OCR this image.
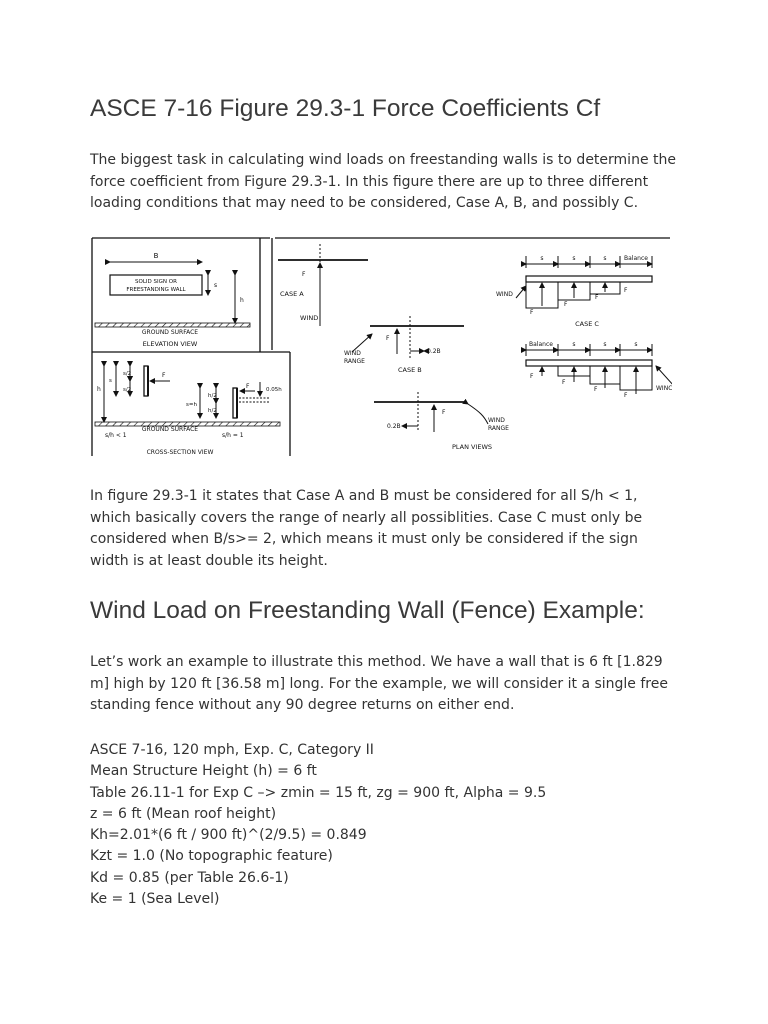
ASCE 7-16 Figure 29.3-1 Force Coefficients Cf

The biggest task in calculating wind loads on freestanding walls is to determine the force coefficient from Figure 29.3-1. In this figure there are up to three different loading conditions that may need to be considered, Case A, B, and possibly C.

In figure 29.3-1 it states that Case A and B must be considered for all S/h < 1, which basically covers the range of nearly all possiblities. Case C must only be considered when B/s>= 2, which means it must only be considered if the sign width is at least double its height.

Wind Load on Freestanding Wall (Fence) Example:

Let’s work an example to illustrate this method. We have a wall that is 6 ft [1.829 m] high by 120 ft [36.58 m] long. For the example, we will consider it a single free standing fence without any 90 degree returns on either end.

ASCE 7-16, 120 mph, Exp. C, Category II
Mean Structure Height (h) = 6 ft
Table 26.11-1 for Exp C –> zmin = 15 ft, zg = 900 ft, Alpha = 9.5
z = 6 ft (Mean roof height)
Kh=2.01*(6 ft / 900 ft)^(2/9.5) = 0.849
Kzt = 1.0 (No topographic feature)
Kd = 0.85 (per Table 26.6-1)
Ke = 1 (Sea Level)
B
SOLID SIGN OR
FREESTANDING WALL
s
h
GROUND SURFACE
ELEVATION VIEW
h
s
s/2
s/2
F
s=h
h/2
h/2
F	0.05h
GROUND SURFACE
s/h < 1	s/h = 1
CROSS-SECTION VIEW
F
CASE A
WIND
F
0.2B
WIND
RANGE
CASE B
F
0.2B
WIND
RANGE
PLAN VIEWS
s	s	s	Balance
WIND
F
F
F
F
CASE C
Balance	s	s	s
F
F
F
F
WINC
